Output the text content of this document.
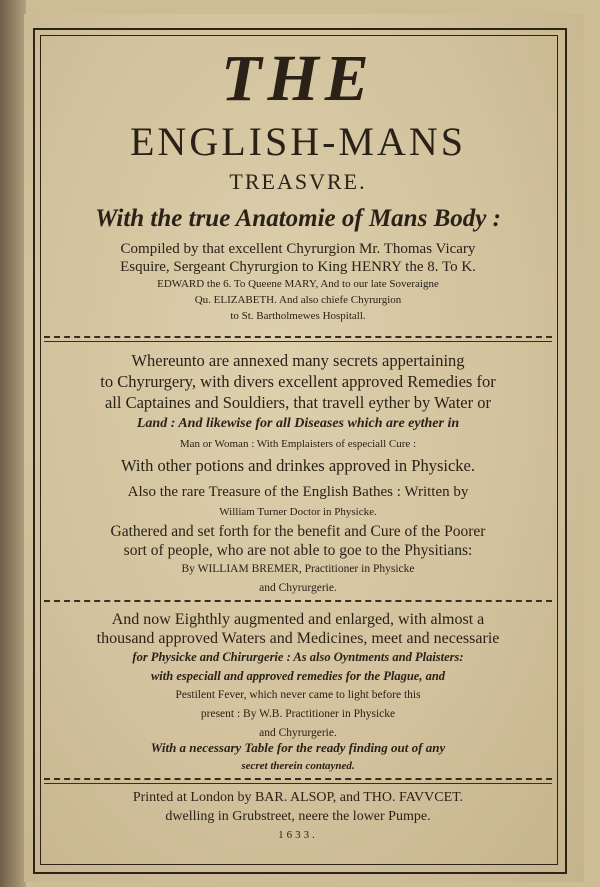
THE
ENGLISH-MANS
TREASVRE.
With the true Anatomie of Mans Body :
Compiled by that excellent Chyrurgion Mr. Thomas Vicary
Esquire, Sergeant Chyrurgion to King HENRY the 8. To K.
EDWARD the 6. To Queene MARY, And to our late Soveraigne
Qu. ELIZABETH. And also chiefe Chyrurgion
to St. Bartholmewes Hospitall.
Whereunto are annexed many secrets appertaining
to Chyrurgery, with divers excellent approved Remedies for
all Captaines and Souldiers, that travell eyther by Water or
Land : And likewise for all Diseases which are eyther in
Man or Woman : With Emplaisters of especiall Cure :
With other potions and drinkes approved in Physicke.
Also the rare Treasure of the English Bathes : Written by
William Turner Doctor in Physicke.
Gathered and set forth for the benefit and Cure of the Poorer
sort of people, who are not able to goe to the Physitians:
By WILLIAM BREMER, Practitioner in Physicke
and Chyrurgerie.
And now Eighthly augmented and enlarged, with almost a
thousand approved Waters and Medicines, meet and necessarie
for Physicke and Chirurgerie : As also Oyntments and Plaisters:
with especiall and approved remedies for the Plague, and
Pestilent Fever, which never came to light before this
present : By W.B. Practitioner in Physicke
and Chyrurgerie.
With a necessary Table for the ready finding out of any
secret therein contayned.
Printed at London by BAR. ALSOP, and THO. FAVVCET.
dwelling in Grubstreet, neere the lower Pumpe.
1633.
